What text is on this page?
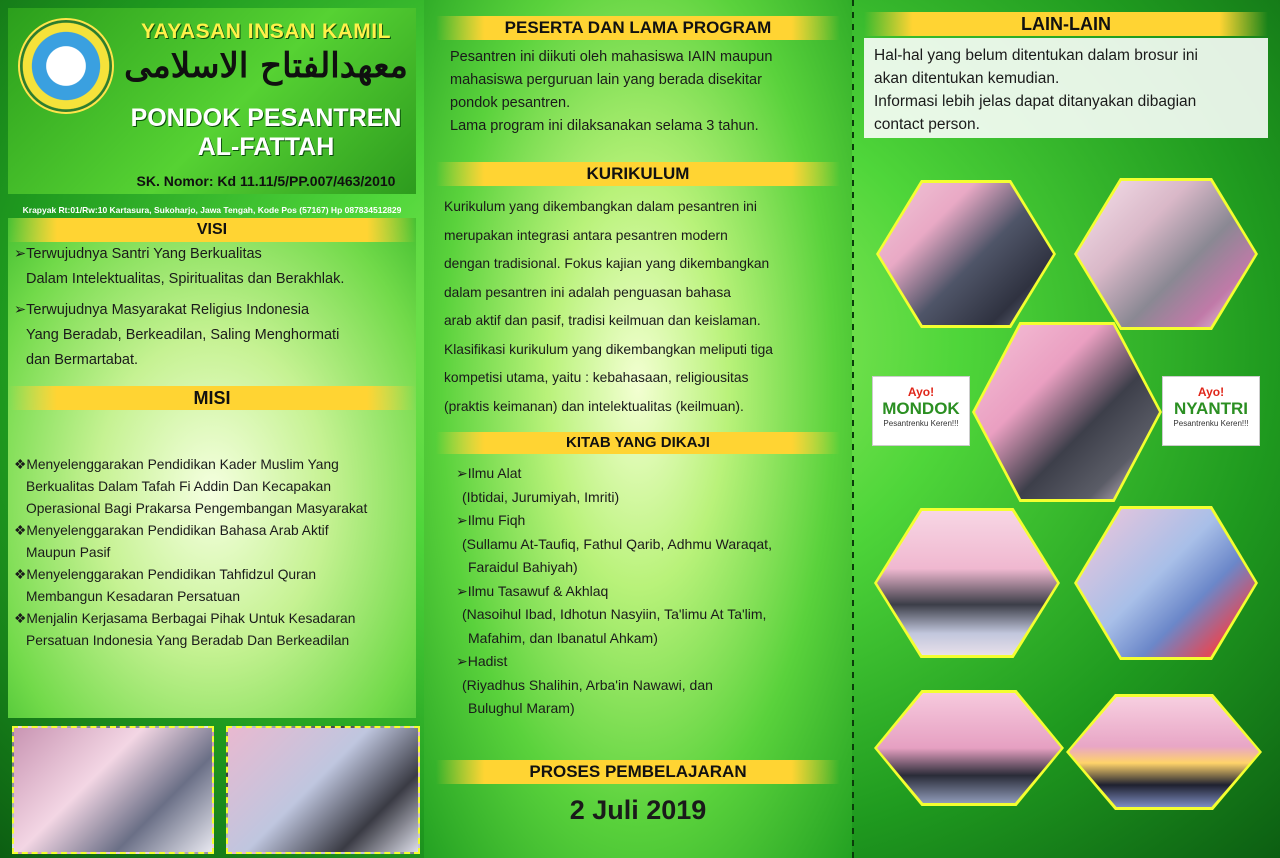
YAYASAN INSAN KAMIL
معهدالفتاح الاسلامى
PONDOK PESANTREN
AL-FATTAH
SK. Nomor: Kd 11.11/5/PP.007/463/2010
Krapyak Rt:01/Rw:10 Kartasura, Sukoharjo, Jawa Tengah, Kode Pos (57167) Hp 087834512829
VISI
➢Terwujudnya Santri Yang Berkualitas
Dalam Intelektualitas, Spiritualitas dan Berakhlak.
➢Terwujudnya Masyarakat Religius Indonesia
Yang Beradab, Berkeadilan, Saling Menghormati
dan Bermartabat.
MISI
❖Menyelenggarakan Pendidikan Kader Muslim Yang
Berkualitas Dalam Tafah Fi Addin Dan Kecapakan
Operasional Bagi Prakarsa Pengembangan Masyarakat
❖Menyelenggarakan Pendidikan Bahasa Arab Aktif
Maupun Pasif
❖Menyelenggarakan Pendidikan Tahfidzul Quran
Membangun Kesadaran Persatuan
❖Menjalin Kerjasama Berbagai Pihak Untuk Kesadaran
Persatuan Indonesia Yang Beradab Dan Berkeadilan
PESERTA DAN LAMA PROGRAM
Pesantren ini diikuti oleh mahasiswa IAIN maupun
mahasiswa perguruan lain yang berada disekitar
pondok pesantren.
Lama program ini dilaksanakan selama 3 tahun.
KURIKULUM
Kurikulum yang dikembangkan dalam pesantren ini
merupakan integrasi antara pesantren modern
dengan tradisional. Fokus kajian yang dikembangkan
dalam pesantren ini adalah penguasan bahasa
arab aktif dan pasif, tradisi keilmuan dan keislaman.
Klasifikasi kurikulum yang dikembangkan meliputi tiga
kompetisi utama, yaitu : kebahasaan, religiousitas
(praktis keimanan) dan intelektualitas (keilmuan).
KITAB YANG DIKAJI
➢Ilmu Alat
(Ibtidai, Jurumiyah, Imriti)
➢Ilmu Fiqh
(Sullamu At-Taufiq, Fathul Qarib, Adhmu Waraqat,
Faraidul Bahiyah)
➢Ilmu Tasawuf & Akhlaq
(Nasoihul Ibad, Idhotun Nasyiin, Ta'limu At Ta'lim,
Mafahim, dan Ibanatul Ahkam)
➢Hadist
(Riyadhus Shalihin, Arba'in Nawawi, dan
Bulughul Maram)
PROSES PEMBELAJARAN
2 Juli 2019
LAIN-LAIN
Hal-hal yang belum ditentukan dalam brosur ini
akan ditentukan kemudian.
Informasi lebih jelas dapat ditanyakan dibagian
contact person.
Ayo!
MONDOK
Pesantrenku Keren!!!
Ayo!
NYANTRI
Pesantrenku Keren!!!
